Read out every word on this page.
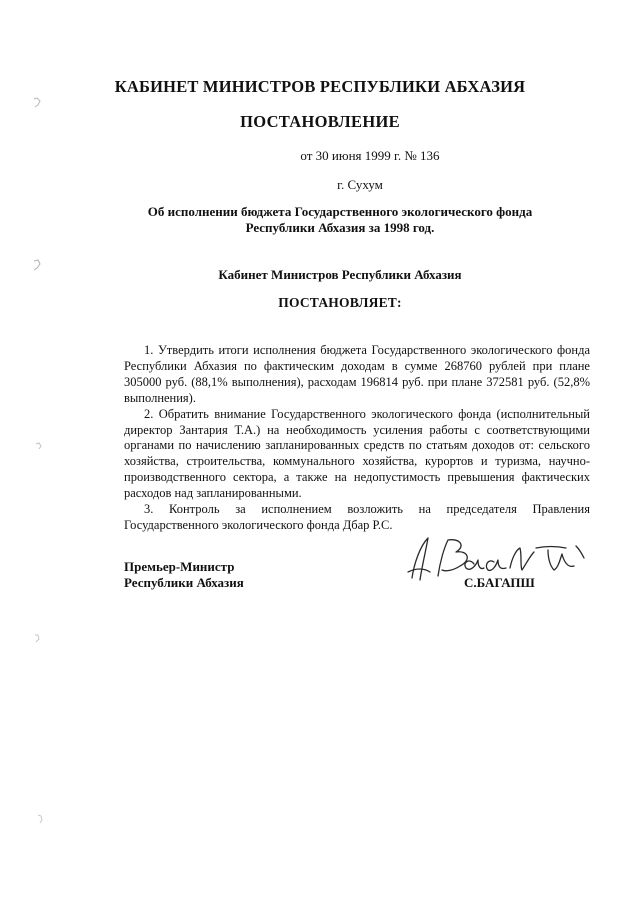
КАБИНЕТ МИНИСТРОВ РЕСПУБЛИКИ АБХАЗИЯ
ПОСТАНОВЛЕНИЕ
от 30 июня 1999 г. № 136
г. Сухум
Об исполнении бюджета Государственного экологического фонда
Республики Абхазия за 1998 год.
Кабинет Министров Республики Абхазия
ПОСТАНОВЛЯЕТ:

1. Утвердить итоги исполнения бюджета Государственного экологического фонда Республики Абхазия по фактическим доходам в сумме 268760 рублей при плане 305000 руб. (88,1% выполнения), расходам 196814 руб. при плане 372581 руб. (52,8% выполнения).

2. Обратить внимание Государственного экологического фонда (исполнительный директор Зантария Т.А.) на необходимость усиления работы с соответствующими органами по начислению запланированных средств по статьям доходов от: сельского хозяйства, строительства, коммунального хозяйства, курортов и туризма, научно-производственного сектора, а также на недопустимость превышения фактических расходов над запланированными.

3. Контроль за исполнением возложить на председателя Правления Государственного экологического фонда Дбар Р.С.

Премьер-Министр
Республики Абхазия	С.БАГАПШ
